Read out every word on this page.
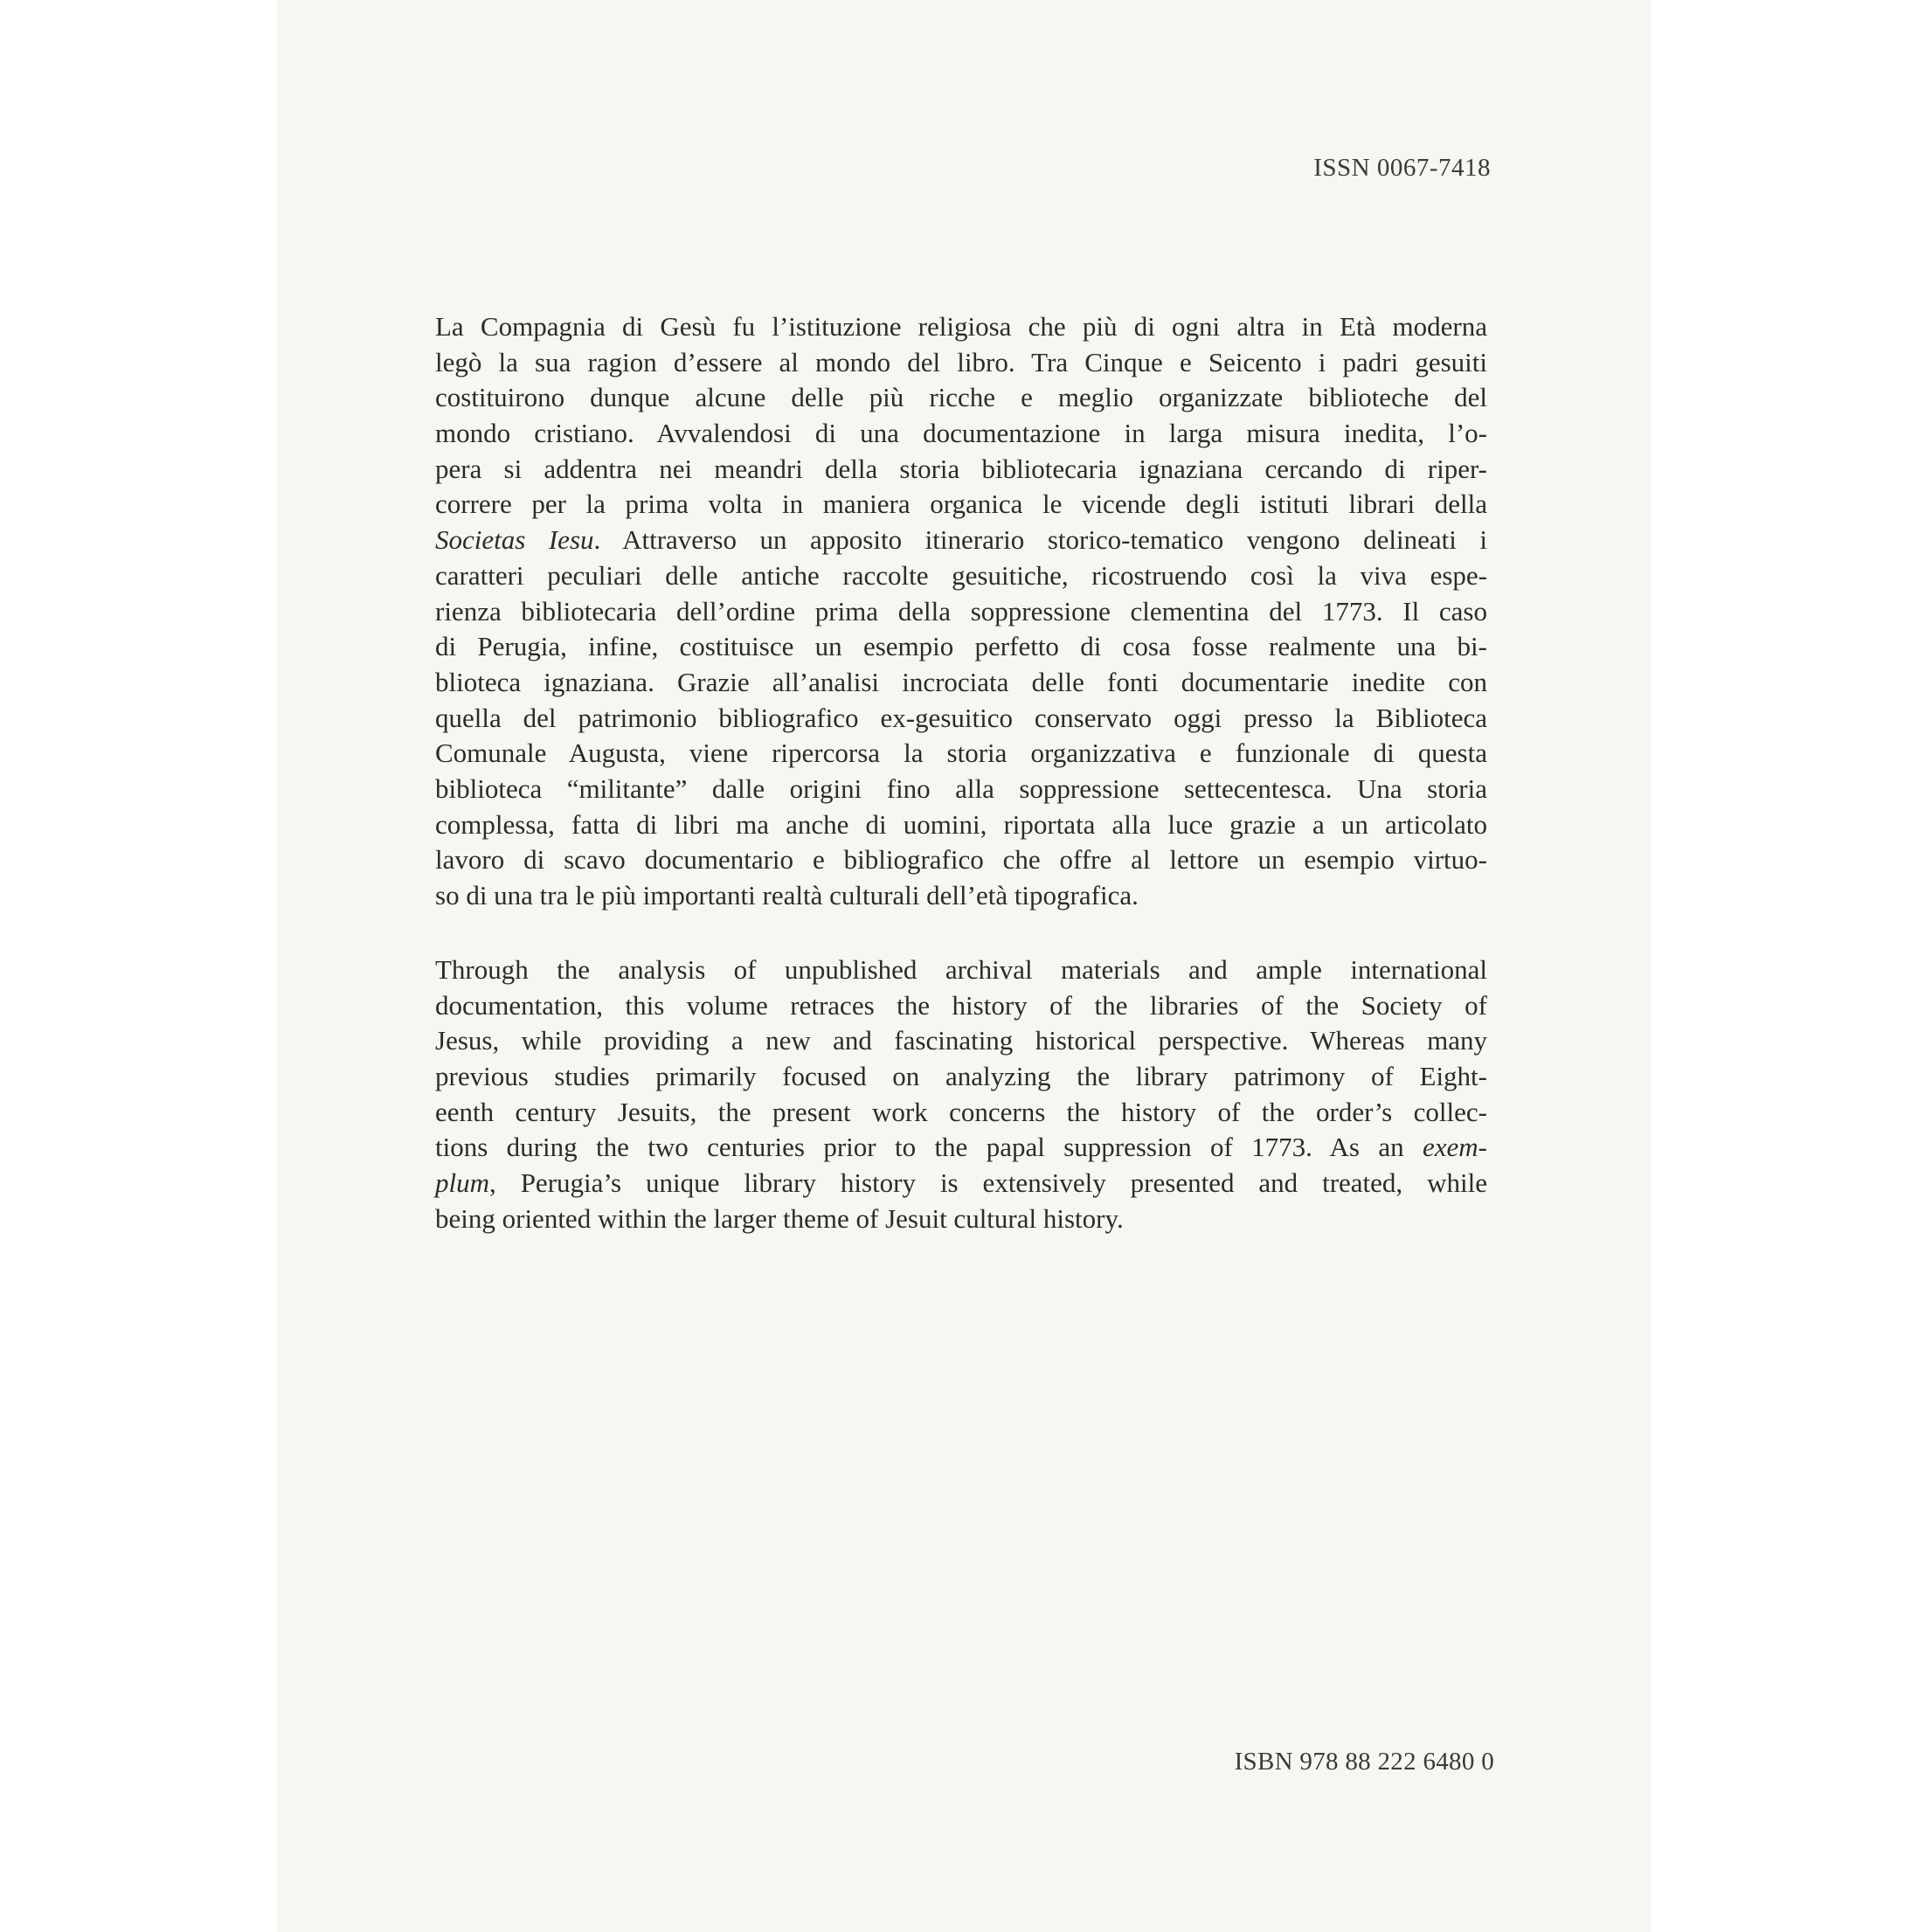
ISSN 0067-7418
La Compagnia di Gesù fu l’istituzione religiosa che più di ogni altra in Età moderna
legò la sua ragion d’essere al mondo del libro. Tra Cinque e Seicento i padri gesuiti
costituirono dunque alcune delle più ricche e meglio organizzate biblioteche del
mondo cristiano. Avvalendosi di una documentazione in larga misura inedita, l’o-
pera si addentra nei meandri della storia bibliotecaria ignaziana cercando di riper-
correre per la prima volta in maniera organica le vicende degli istituti librari della
Societas Iesu. Attraverso un apposito itinerario storico-tematico vengono delineati i
caratteri peculiari delle antiche raccolte gesuitiche, ricostruendo così la viva espe-
rienza bibliotecaria dell’ordine prima della soppressione clementina del 1773. Il caso
di Perugia, infine, costituisce un esempio perfetto di cosa fosse realmente una bi-
blioteca ignaziana. Grazie all’analisi incrociata delle fonti documentarie inedite con
quella del patrimonio bibliografico ex-gesuitico conservato oggi presso la Biblioteca
Comunale Augusta, viene ripercorsa la storia organizzativa e funzionale di questa
biblioteca “militante” dalle origini fino alla soppressione settecentesca. Una storia
complessa, fatta di libri ma anche di uomini, riportata alla luce grazie a un articolato
lavoro di scavo documentario e bibliografico che offre al lettore un esempio virtuo-
so di una tra le più importanti realtà culturali dell’età tipografica.
Through the analysis of unpublished archival materials and ample international
documentation, this volume retraces the history of the libraries of the Society of
Jesus, while providing a new and fascinating historical perspective. Whereas many
previous studies primarily focused on analyzing the library patrimony of Eight-
eenth century Jesuits, the present work concerns the history of the order’s collec-
tions during the two centuries prior to the papal suppression of 1773. As an exem-
plum, Perugia’s unique library history is extensively presented and treated, while
being oriented within the larger theme of Jesuit cultural history.
ISBN 978 88 222 6480 0
